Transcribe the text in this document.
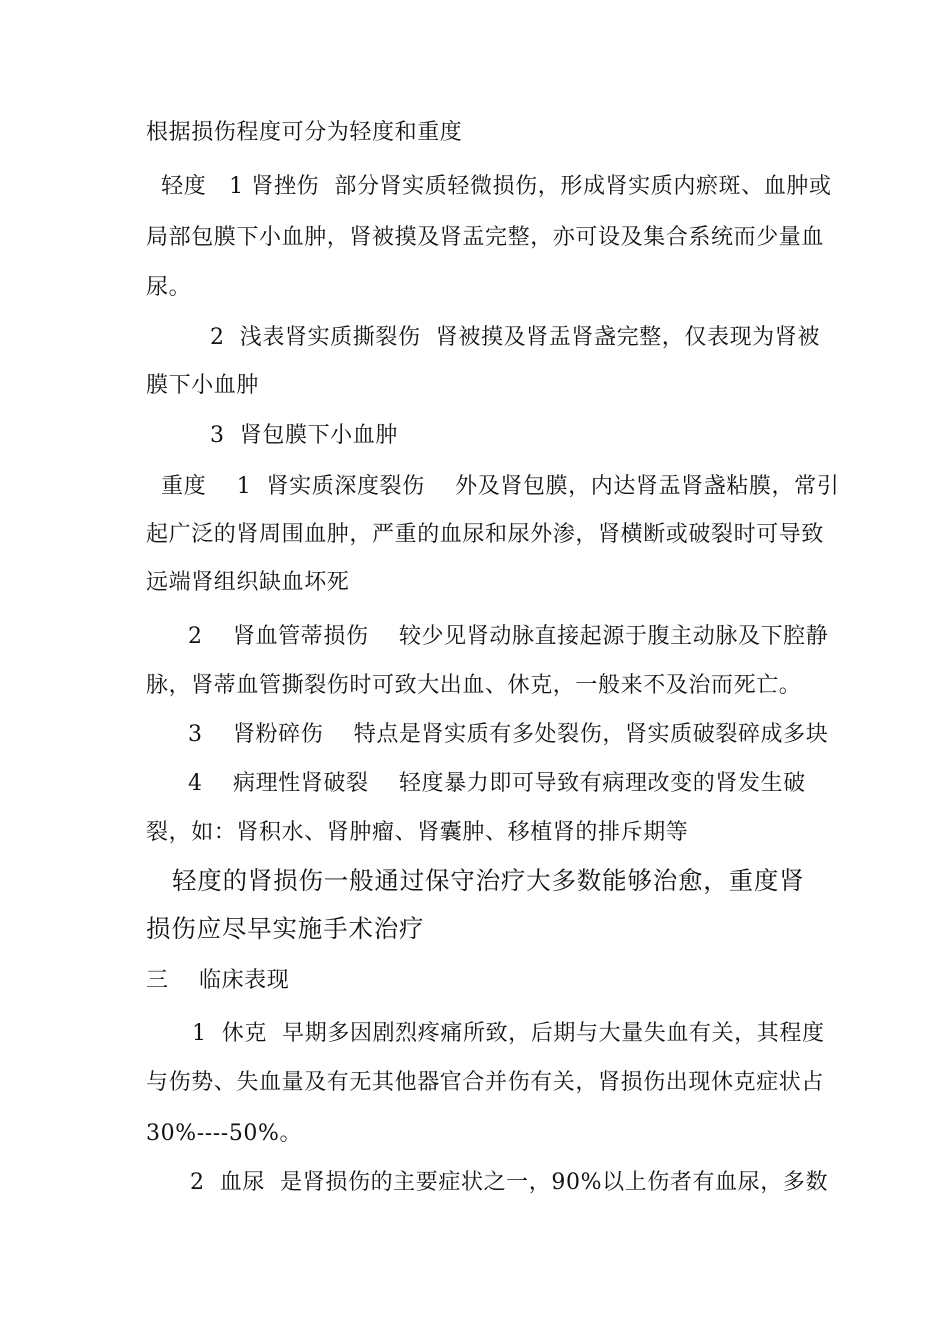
根据损伤程度可分为轻度和重度

轻度   1 肾挫伤  部分肾实质轻微损伤，形成肾实质内瘀斑、血肿或

局部包膜下小血肿，肾被摸及肾盂完整，亦可设及集合系统而少量血

尿。

2  浅表肾实质撕裂伤  肾被摸及肾盂肾盏完整，仅表现为肾被

膜下小血肿

3  肾包膜下小血肿

重度    1  肾实质深度裂伤    外及肾包膜，内达肾盂肾盏粘膜，常引

起广泛的肾周围血肿，严重的血尿和尿外渗，肾横断或破裂时可导致

远端肾组织缺血坏死

2    肾血管蒂损伤    较少见肾动脉直接起源于腹主动脉及下腔静

脉，肾蒂血管撕裂伤时可致大出血、休克，一般来不及治而死亡。

3    肾粉碎伤    特点是肾实质有多处裂伤，肾实质破裂碎成多块

4    病理性肾破裂    轻度暴力即可导致有病理改变的肾发生破

裂，如：肾积水、肾肿瘤、肾囊肿、移植肾的排斥期等

轻度的肾损伤一般通过保守治疗大多数能够治愈，重度肾

损伤应尽早实施手术治疗

三    临床表现

1  休克  早期多因剧烈疼痛所致，后期与大量失血有关，其程度

与伤势、失血量及有无其他器官合并伤有关，肾损伤出现休克症状占

30%----50%。

2  血尿  是肾损伤的主要症状之一，90%以上伤者有血尿，多数
